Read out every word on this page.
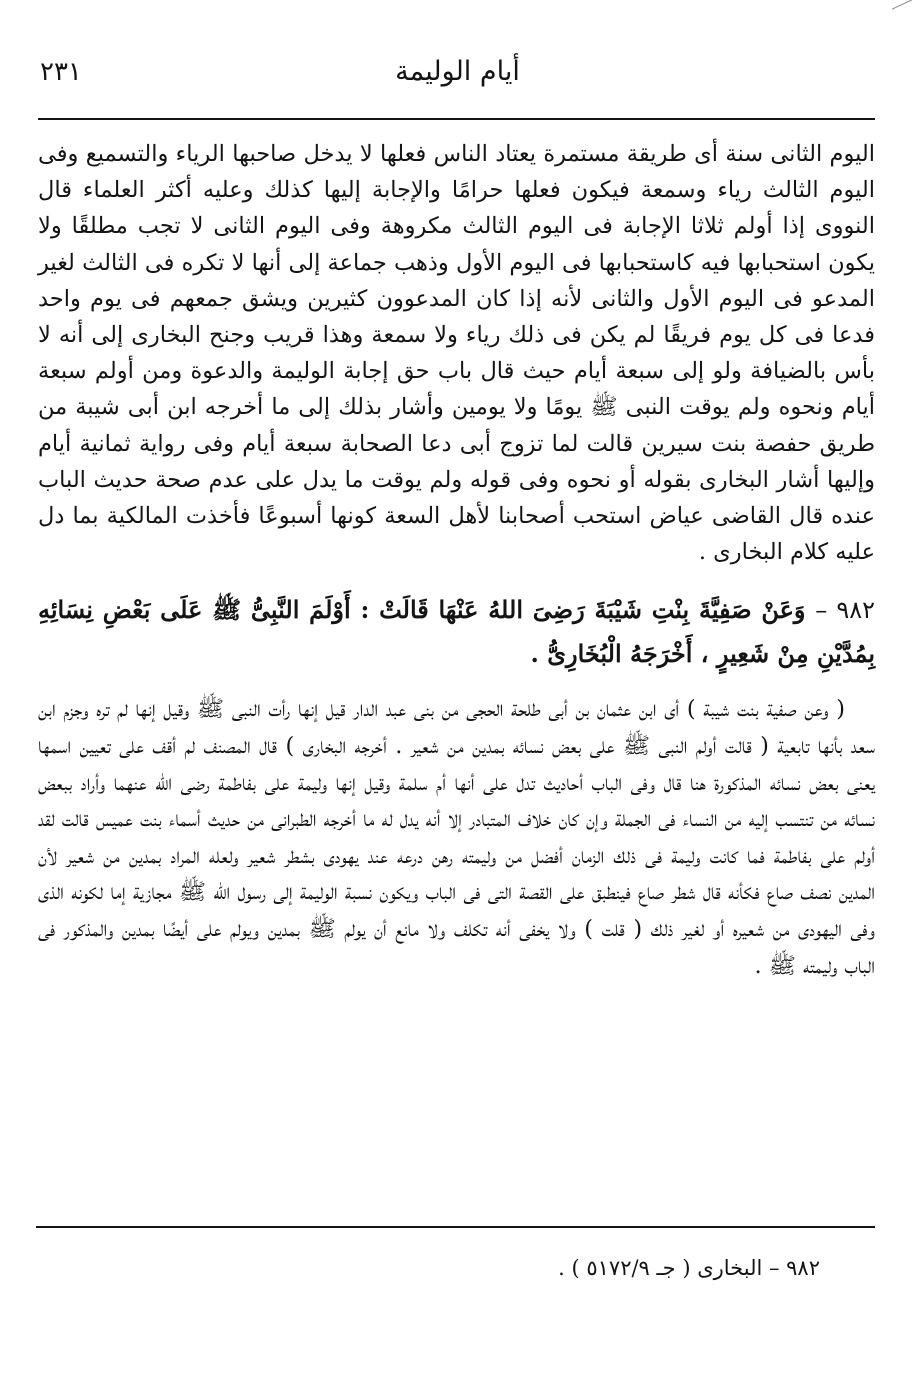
أيام الوليمة
٢٣١

اليوم الثانى سنة أى طريقة مستمرة يعتاد الناس فعلها لا يدخل صاحبها الرياء والتسميع وفى اليوم الثالث رياء وسمعة فيكون فعلها حرامًا والإجابة إليها كذلك وعليه أكثر العلماء قال النووى إذا أولم ثلاثا الإجابة فى اليوم الثالث مكروهة وفى اليوم الثانى لا تجب مطلقًا ولا يكون استحبابها فيه كاستحبابها فى اليوم الأول وذهب جماعة إلى أنها لا تكره فى الثالث لغير المدعو فى اليوم الأول والثانى لأنه إذا كان المدعوون كثيرين ويشق جمعهم فى يوم واحد فدعا فى كل يوم فريقًا لم يكن فى ذلك رياء ولا سمعة وهذا قريب وجنح البخارى إلى أنه لا بأس بالضيافة ولو إلى سبعة أيام حيث قال باب حق إجابة الوليمة والدعوة ومن أولم سبعة أيام ونحوه ولم يوقت النبى ﷺ يومًا ولا يومين وأشار بذلك إلى ما أخرجه ابن أبى شيبة من طريق حفصة بنت سيرين قالت لما تزوج أبى دعا الصحابة سبعة أيام وفى رواية ثمانية أيام وإليها أشار البخارى بقوله أو نحوه وفى قوله ولم يوقت ما يدل على عدم صحة حديث الباب عنده قال القاضى عياض استحب أصحابنا لأهل السعة كونها أسبوعًا فأخذت المالكية بما دل عليه كلام البخارى .

٩٨٢ – وَعَنْ صَفِيَّةَ بِنْتِ شَيْبَةَ رَضِىَ اللهُ عَنْهَا قَالَتْ : أَوْلَمَ النَّبِىُّ ﷺ عَلَى بَعْضِ نِسَائِهِ بِمُدَّيْنِ مِنْ شَعِيرٍ ، أَخْرَجَهُ الْبُخَارِىُّ .

( وعن صفية بنت شيبة ) أى ابن عثمان بن أبى طلحة الحجى من بنى عبد الدار قيل إنها رأت النبى ﷺ وقيل إنها لم تره وجزم ابن سعد بأنها تابعية ( قالت أولم النبى ﷺ على بعض نسائه بمدين من شعير . أخرجه البخارى ) قال المصنف لم أقف على تعيين اسمها يعنى بعض نسائه المذكورة هنا قال وفى الباب أحاديث تدل على أنها أم سلمة وقيل إنها وليمة على بفاطمة رضى الله عنهما وأراد ببعض نسائه من تنتسب إليه من النساء فى الجملة وإن كان خلاف المتبادر إلا أنه يدل له ما أخرجه الطبرانى من حديث أسماء بنت عميس قالت لقد أولم على بفاطمة فما كانت وليمة فى ذلك الزمان أفضل من وليمته رهن درعه عند يهودى بشطر شعير ولعله المراد بمدين من شعير لأن المدين نصف صاع فكأنه قال شطر صاع فينطبق على القصة التى فى الباب ويكون نسبة الوليمة إلى رسول الله ﷺ مجازية إما لكونه الذى وفى اليهودى من شعيره أو لغير ذلك ( قلت ) ولا يخفى أنه تكلف ولا مانع أن يولم ﷺ بمدين ويولم على أيضًا بمدين والمذكور فى الباب وليمته ﷺ .

٩٨٢ – البخارى ( جـ ٥١٧٢/٩ ) .
